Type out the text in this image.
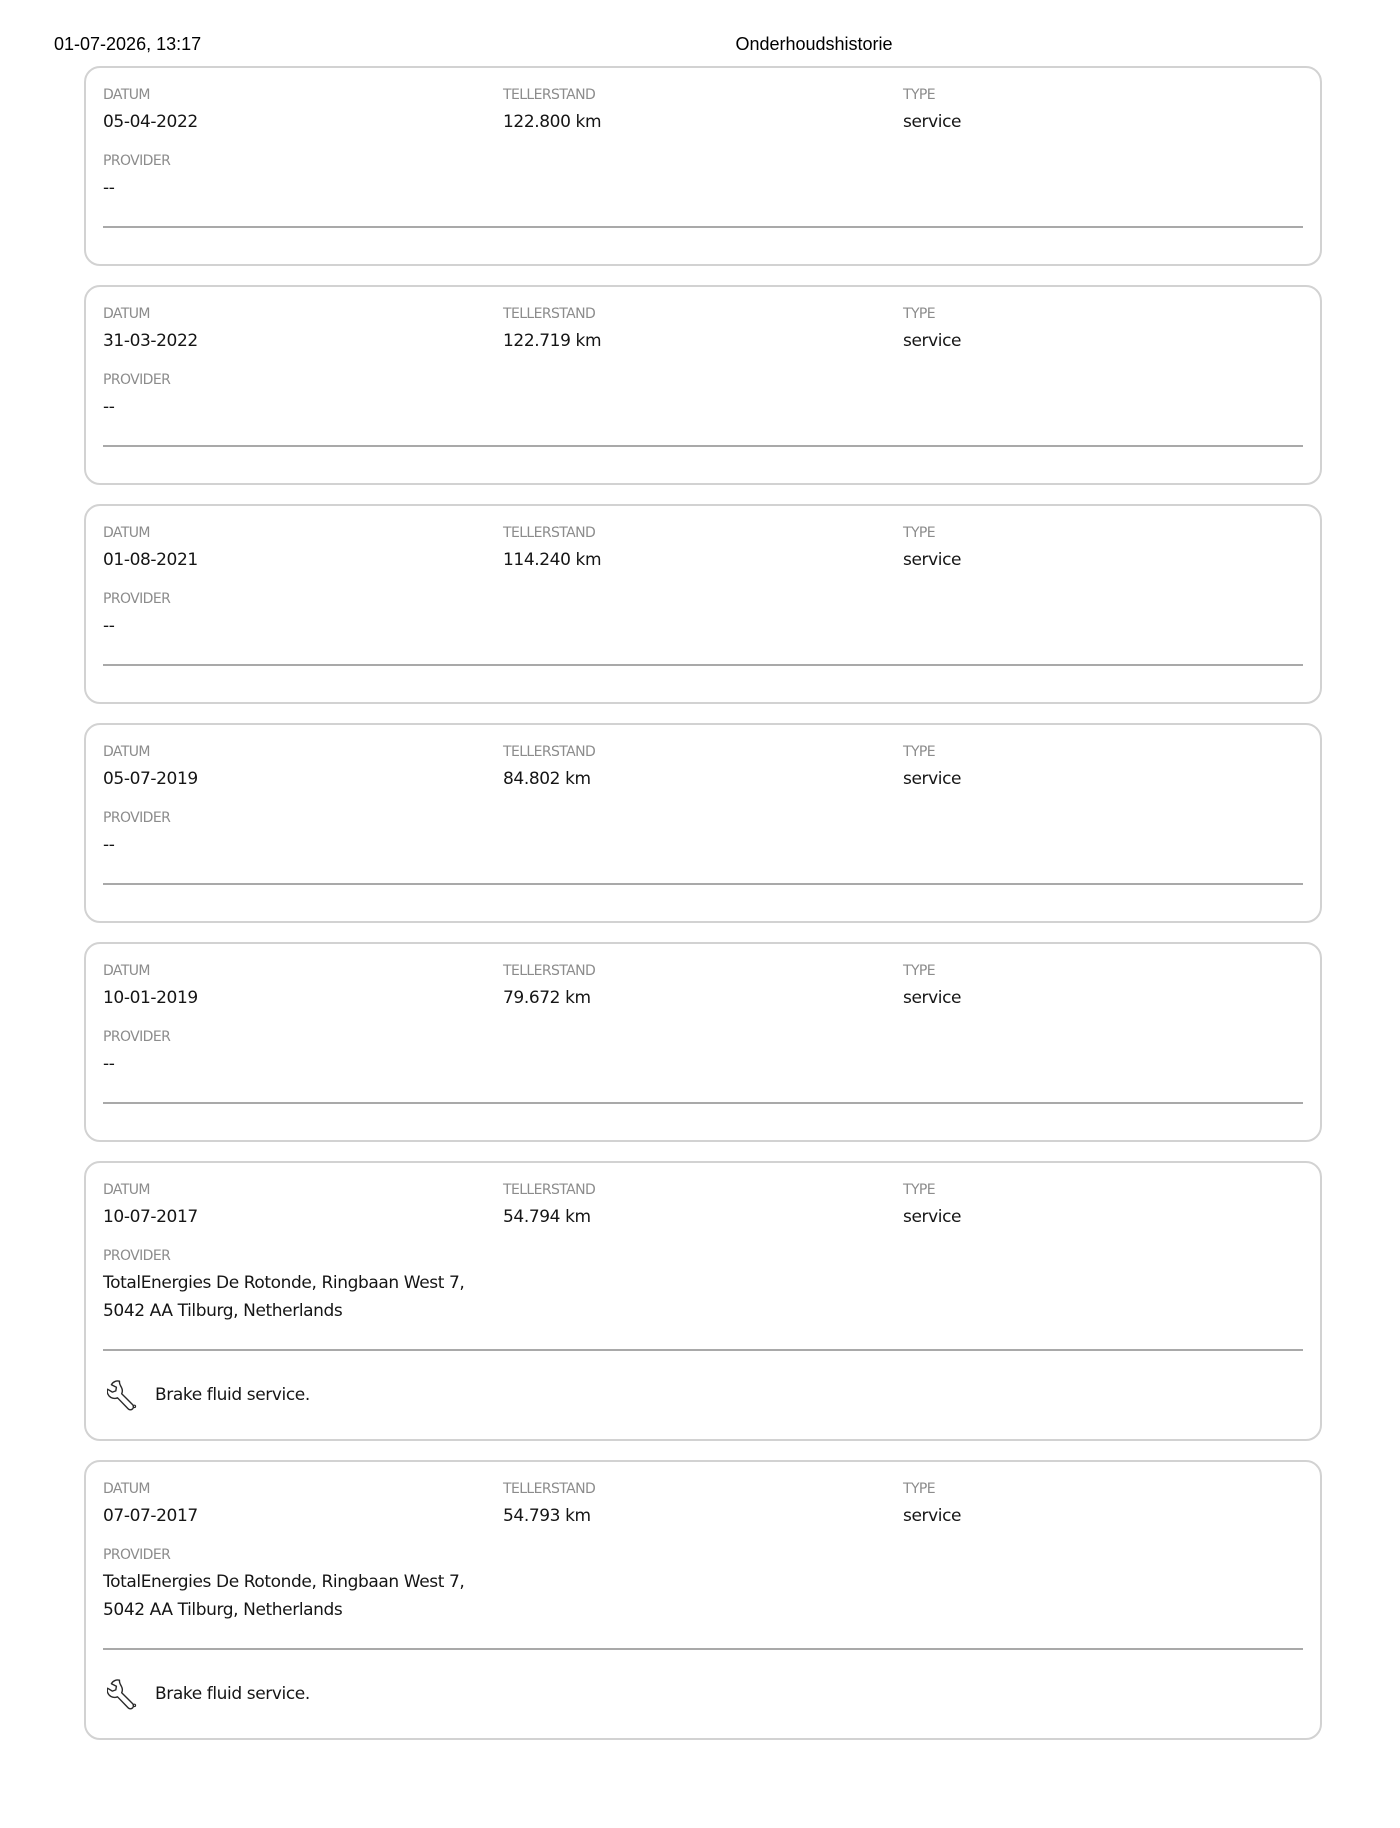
01-07-2026, 13:17	Onderhoudshistorie
DATUM
05-04-2022
TELLERSTAND
122.800 km
TYPE
service
PROVIDER
--
DATUM
31-03-2022
TELLERSTAND
122.719 km
TYPE
service
PROVIDER
--
DATUM
01-08-2021
TELLERSTAND
114.240 km
TYPE
service
PROVIDER
--
DATUM
05-07-2019
TELLERSTAND
84.802 km
TYPE
service
PROVIDER
--
DATUM
10-01-2019
TELLERSTAND
79.672 km
TYPE
service
PROVIDER
--
DATUM
10-07-2017
TELLERSTAND
54.794 km
TYPE
service
PROVIDER
TotalEnergies De Rotonde, Ringbaan West 7, 5042 AA Tilburg, Netherlands
Brake fluid service.
DATUM
07-07-2017
TELLERSTAND
54.793 km
TYPE
service
PROVIDER
TotalEnergies De Rotonde, Ringbaan West 7, 5042 AA Tilburg, Netherlands
Brake fluid service.
